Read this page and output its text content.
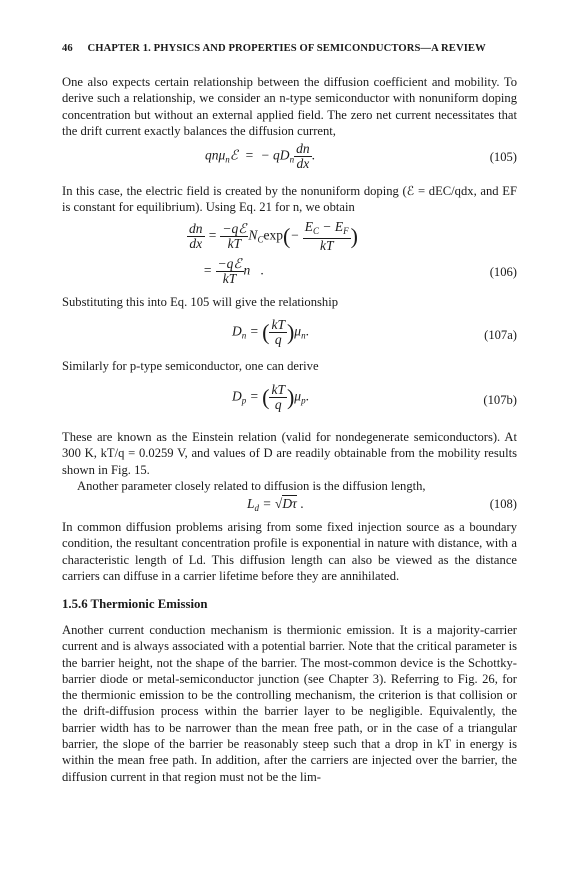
46 CHAPTER 1. PHYSICS AND PROPERTIES OF SEMICONDUCTORS—A REVIEW
One also expects certain relationship between the diffusion coefficient and mobility. To derive such a relationship, we consider an n-type semiconductor with nonuniform doping concentration but without an external applied field. The zero net current necessitates that the drift current exactly balances the diffusion current,
qnμ$_n$ℰ  =  − $qD_n \frac{dn}{dx}$ .	(105)
In this case, the electric field is created by the nonuniform doping (ℰ = dEC/qdx, and EF is constant for equilibrium). Using Eq. 21 for n, we obtain
$\frac{dn}{dx} = \frac{\text{−qℰ}}{kT} N_C\exp(- \frac{E_C - E_F}{kT}$ )
= $\frac{\text{−qℰ}}{kT}$ n   .	(106)
Substituting this into Eq. 105 will give the relationship
$D_n$ = ( $\frac{kT}{q} )\mu_n$.	(107a)
Similarly for p-type semiconductor, one can derive
$D_p$ = ( $\frac{kT}{q} )\mu_p$.	(107b)
These are known as the Einstein relation (valid for nondegenerate semiconductors). At 300 K, kT/q = 0.0259 V, and values of D are readily obtainable from the mobility results shown in Fig. 15.
Another parameter closely related to diffusion is the diffusion length,
$L_d = √D\tau$ .	(108)
In common diffusion problems arising from some fixed injection source as a boundary condition, the resultant concentration profile is exponential in nature with distance, with a characteristic length of Ld. This diffusion length can also be viewed as the distance carriers can diffuse in a carrier lifetime before they are annihilated.
1.5.6 Thermionic Emission
Another current conduction mechanism is thermionic emission. It is a majority-carrier current and is always associated with a potential barrier. Note that the critical parameter is the barrier height, not the shape of the barrier. The most-common device is the Schottky-barrier diode or metal-semiconductor junction (see Chapter 3). Referring to Fig. 26, for the thermionic emission to be the controlling mechanism, the criterion is that collision or the drift-diffusion process within the barrier layer to be negligible. Equivalently, the barrier width has to be narrower than the mean free path, or in the case of a triangular barrier, the slope of the barrier be reasonably steep such that a drop in kT in energy is within the mean free path. In addition, after the carriers are injected over the barrier, the diffusion current in that region must not be the lim-
